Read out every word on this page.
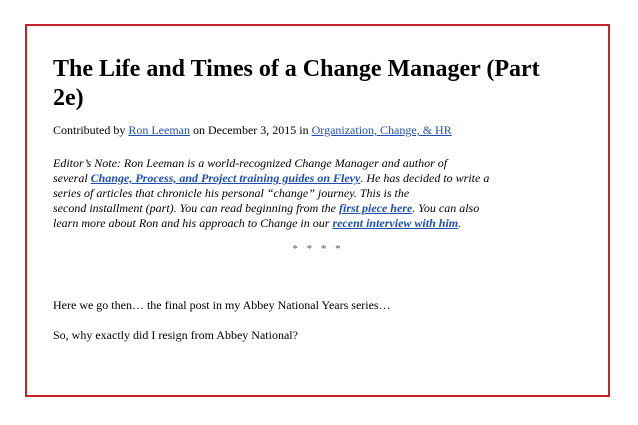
The Life and Times of a Change Manager (Part 2e)
Contributed by Ron Leeman on December 3, 2015 in Organization, Change, & HR
Editor’s Note: Ron Leeman is a world-recognized Change Manager and author of
several Change, Process, and Project training guides on Flevy. He has decided to write a
series of articles that chronicle his personal “change” journey. This is the
second installment (part). You can read beginning from the first piece here. You can also
learn more about Ron and his approach to Change in our recent interview with him.
* * * *
Here we go then… the final post in my Abbey National Years series…
So, why exactly did I resign from Abbey National?
